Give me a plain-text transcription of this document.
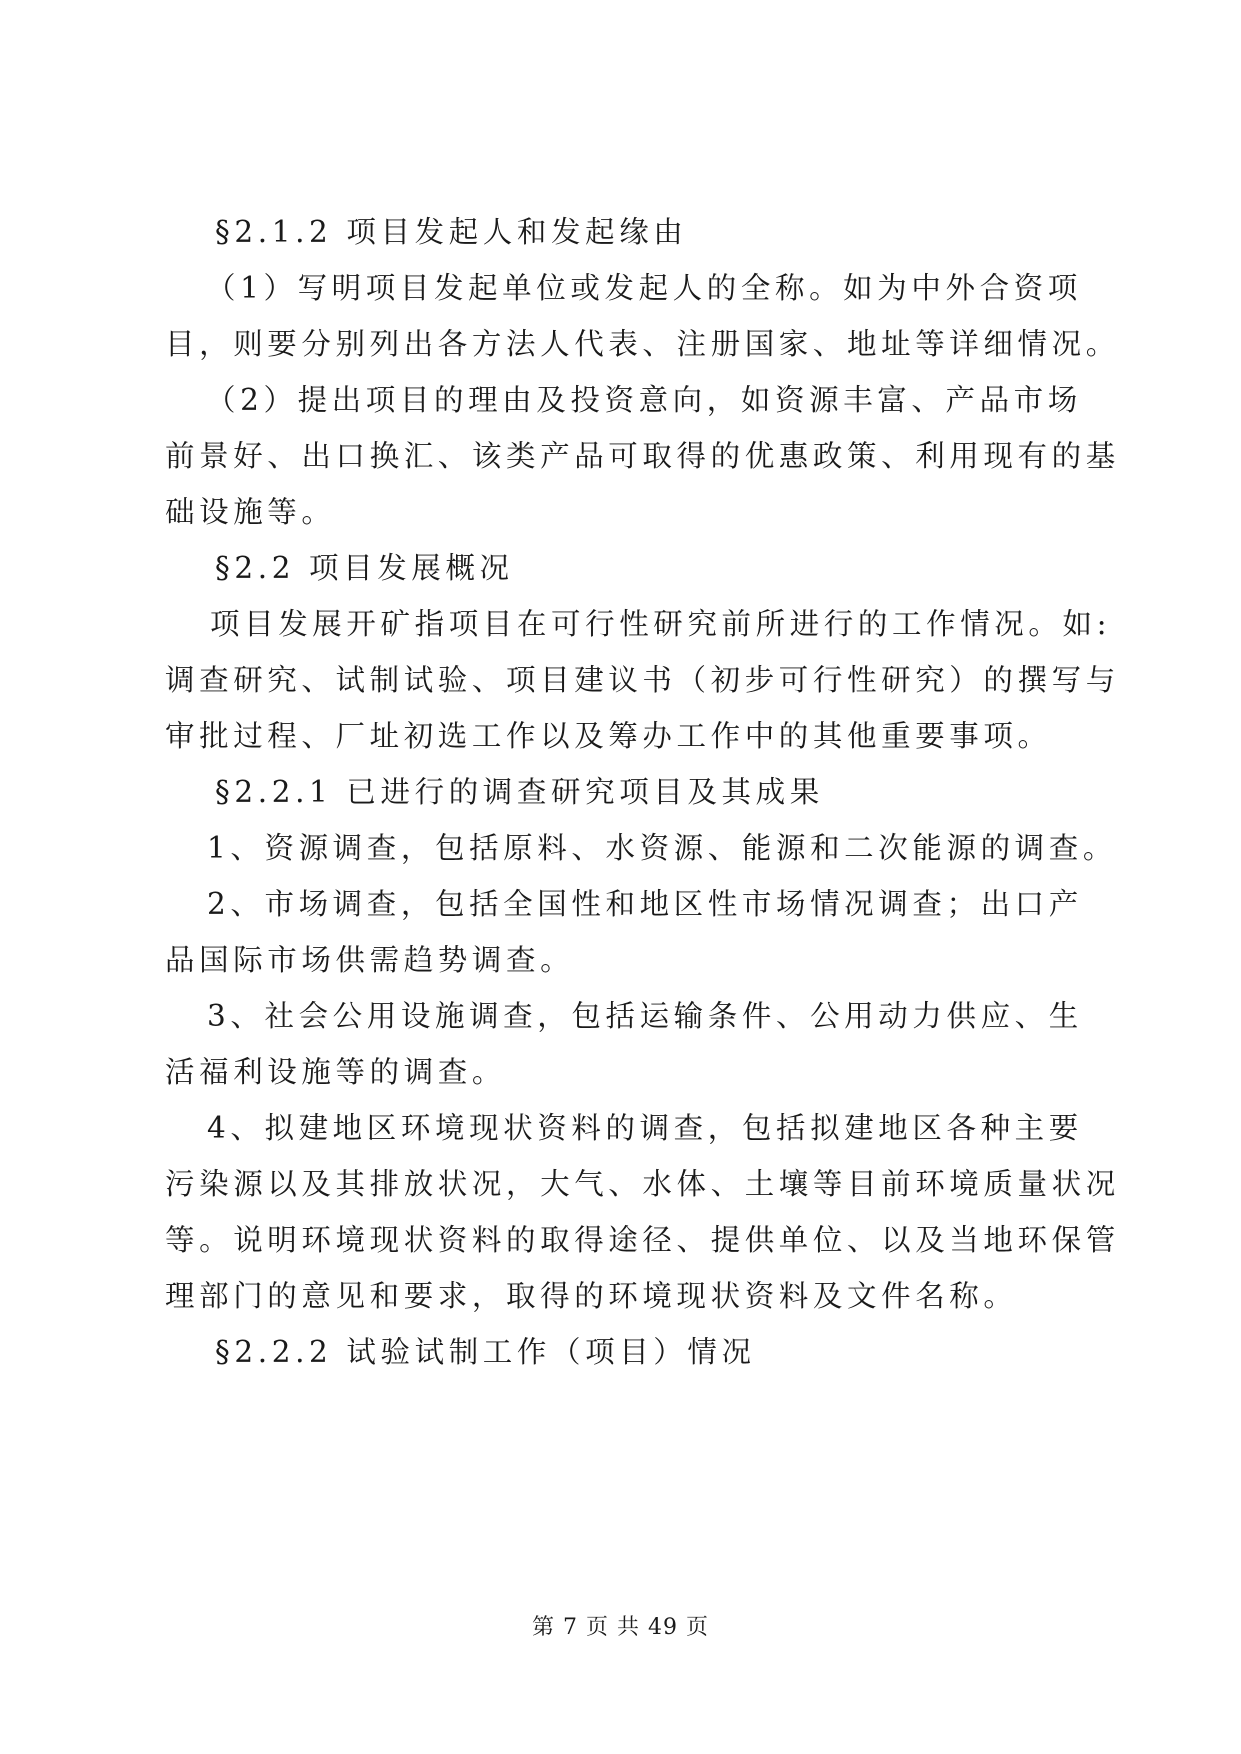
§2.1.2 项目发起人和发起缘由
（1）写明项目发起单位或发起人的全称。如为中外合资项
目，则要分别列出各方法人代表、注册国家、地址等详细情况。
（2）提出项目的理由及投资意向，如资源丰富、产品市场
前景好、出口换汇、该类产品可取得的优惠政策、利用现有的基
础设施等。
§2.2 项目发展概况
项目发展开矿指项目在可行性研究前所进行的工作情况。如:
调查研究、试制试验、项目建议书（初步可行性研究）的撰写与
审批过程、厂址初选工作以及筹办工作中的其他重要事项。
§2.2.1 已进行的调查研究项目及其成果
1、资源调查，包括原料、水资源、能源和二次能源的调查。
2、市场调查，包括全国性和地区性市场情况调查；出口产
品国际市场供需趋势调查。
3、社会公用设施调查，包括运输条件、公用动力供应、生
活福利设施等的调查。
4、拟建地区环境现状资料的调查，包括拟建地区各种主要
污染源以及其排放状况，大气、水体、土壤等目前环境质量状况
等。说明环境现状资料的取得途径、提供单位、以及当地环保管
理部门的意见和要求，取得的环境现状资料及文件名称。
§2.2.2 试验试制工作（项目）情况
第 7 页 共 49 页
